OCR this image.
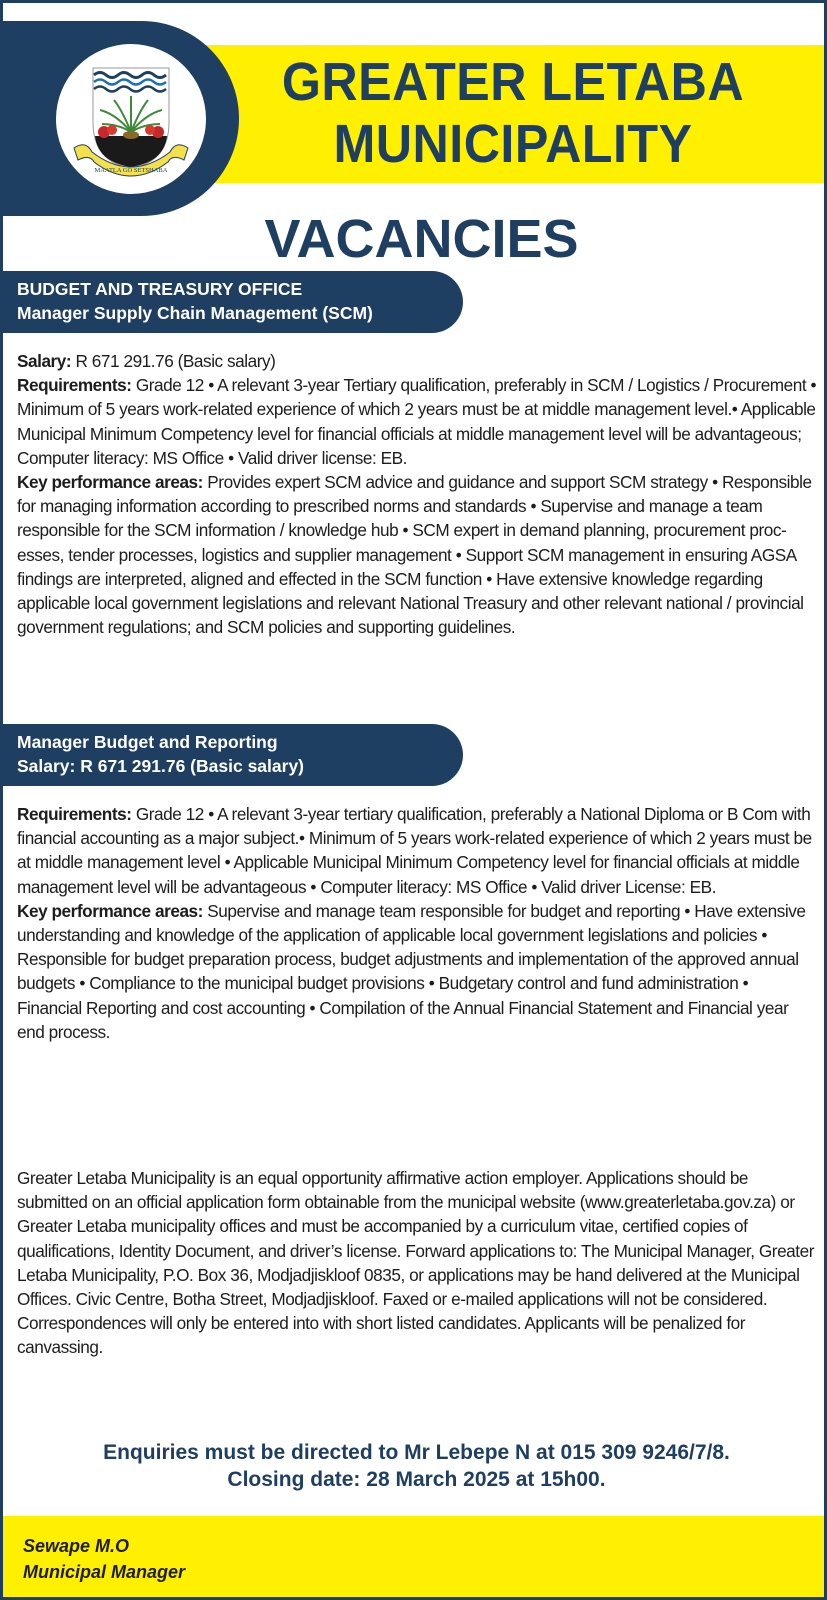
GREATER LETABA
MUNICIPALITY
MAATLA GO SETSHABA
VACANCIES
BUDGET AND TREASURY OFFICE
Manager Supply Chain Management (SCM)

Salary: R 671 291.76 (Basic salary)

Requirements: Grade 12 • A relevant 3-year Tertiary qualification, preferably in SCM / Logistics / Procurement • Minimum of 5 years work-related experience of which 2 years must be at middle management level.• Applicable Municipal Minimum Competency level for financial officials at middle management level will be advantageous; Computer literacy: MS Office • Valid driver license: EB.

Key performance areas: Provides expert SCM advice and guidance and support SCM strategy • Responsible for managing information according to prescribed norms and standards • Supervise and manage a team responsible for the SCM information / knowledge hub • SCM expert in demand planning, procurement proc-esses, tender processes, logistics and supplier management • Support SCM management in ensuring AGSA findings are interpreted, aligned and effected in the SCM function • Have extensive knowledge regarding applicable local government legislations and relevant National Treasury and other relevant national / provincial government regulations; and SCM policies and supporting guidelines.

Manager Budget and Reporting
Salary: R 671 291.76 (Basic salary)

Requirements: Grade 12 • A relevant 3-year tertiary qualification, preferably a National Diploma or B Com with financial accounting as a major subject.• Minimum of 5 years work-related experience of which 2 years must be at middle management level • Applicable Municipal Minimum Competency level for financial officials at middle management level will be advantageous • Computer literacy: MS Office • Valid driver License: EB.

Key performance areas: Supervise and manage team responsible for budget and reporting • Have extensive understanding and knowledge of the application of applicable local government legislations and policies • Responsible for budget preparation process, budget adjustments and implementation of the approved annual budgets • Compliance to the municipal budget provisions • Budgetary control and fund administration • Financial Reporting and cost accounting • Compilation of the Annual Financial Statement and Financial year end process.

Greater Letaba Municipality is an equal opportunity affirmative action employer. Applications should be submitted on an official application form obtainable from the municipal website (www.greaterletaba.gov.za) or Greater Letaba municipality offices and must be accompanied by a curriculum vitae, certified copies of qualifications, Identity Document, and driver’s license. Forward applications to: The Municipal Manager, Greater Letaba Municipality, P.O. Box 36, Modjadjiskloof 0835, or applications may be hand delivered at the Municipal Offices. Civic Centre, Botha Street, Modjadjiskloof. Faxed or e-mailed applications will not be considered. Correspondences will only be entered into with short listed candidates. Applicants will be penalized for canvassing.
Enquiries must be directed to Mr Lebepe N at 015 309 9246/7/8.
Closing date: 28 March 2025 at 15h00.
Sewape M.O
Municipal Manager
